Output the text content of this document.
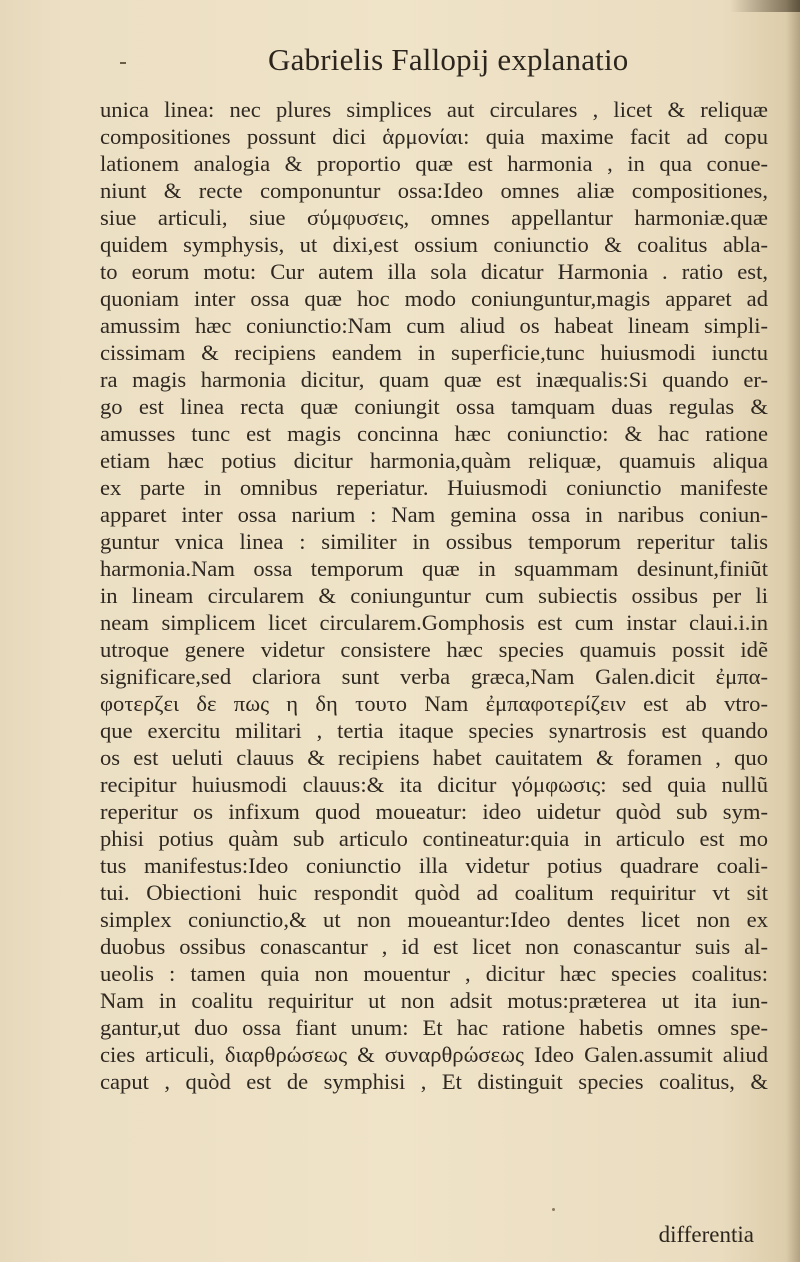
Gabrielis Fallopij explanatio
unica linea: nec plures simplices aut circulares , licet & reliquæ
compositiones possunt dici ἁρμονίαι: quia maxime facit ad copu
lationem analogia & proportio quæ est harmonia , in qua conue-
niunt & recte componuntur ossa:Ideo omnes aliæ compositiones,
siue articuli, siue σύμφυσεις, omnes appellantur harmoniæ.quæ
quidem symphysis, ut dixi,est ossium coniunctio & coalitus abla-
to eorum motu: Cur autem illa sola dicatur Harmonia . ratio est,
quoniam inter ossa quæ hoc modo coniunguntur,magis apparet ad
amussim hæc coniunctio:Nam cum aliud os habeat lineam simpli-
cissimam & recipiens eandem in superficie,tunc huiusmodi iunctu
ra magis harmonia dicitur, quam quæ est inæqualis:Si quando er-
go est linea recta quæ coniungit ossa tamquam duas regulas &
amusses tunc est magis concinna hæc coniunctio: & hac ratione
etiam hæc potius dicitur harmonia,quàm reliquæ, quamuis aliqua
ex parte in omnibus reperiatur. Huiusmodi coniunctio manifeste
apparet inter ossa narium : Nam gemina ossa in naribus coniun-
guntur vnica linea : similiter in ossibus temporum reperitur talis
harmonia.Nam ossa temporum quæ in squammam desinunt,finiũt
in lineam circularem & coniunguntur cum subiectis ossibus per li
neam simplicem licet circularem.Gomphosis est cum instar claui.i.in
utroque genere videtur consistere hæc species quamuis possit idẽ
significare,sed clariora sunt verba græca,Nam Galen.dicit ἐμπα-
φοτερζει δε πως η δη τουτο Nam ἐμπαφοτερίζειν est ab vtro-
que exercitu militari , tertia itaque species synartrosis est quando
os est ueluti clauus & recipiens habet cauitatem & foramen , quo
recipitur huiusmodi clauus:& ita dicitur γόμφωσις: sed quia nullũ
reperitur os infixum quod moueatur: ideo uidetur quòd sub sym-
phisi potius quàm sub articulo contineatur:quia in articulo est mo
tus manifestus:Ideo coniunctio illa videtur potius quadrare coali-
tui. Obiectioni huic respondit quòd ad coalitum requiritur vt sit
simplex coniunctio,& ut non moueantur:Ideo dentes licet non ex
duobus ossibus conascantur , id est licet non conascantur suis al-
ueolis : tamen quia non mouentur , dicitur hæc species coalitus:
Nam in coalitu requiritur ut non adsit motus:præterea ut ita iun-
gantur,ut duo ossa fiant unum: Et hac ratione habetis omnes spe-
cies articuli, διαρθρώσεως & συναρθρώσεως Ideo Galen.assumit aliud
caput , quòd est de symphisi , Et distinguit species coalitus, &
differentia
